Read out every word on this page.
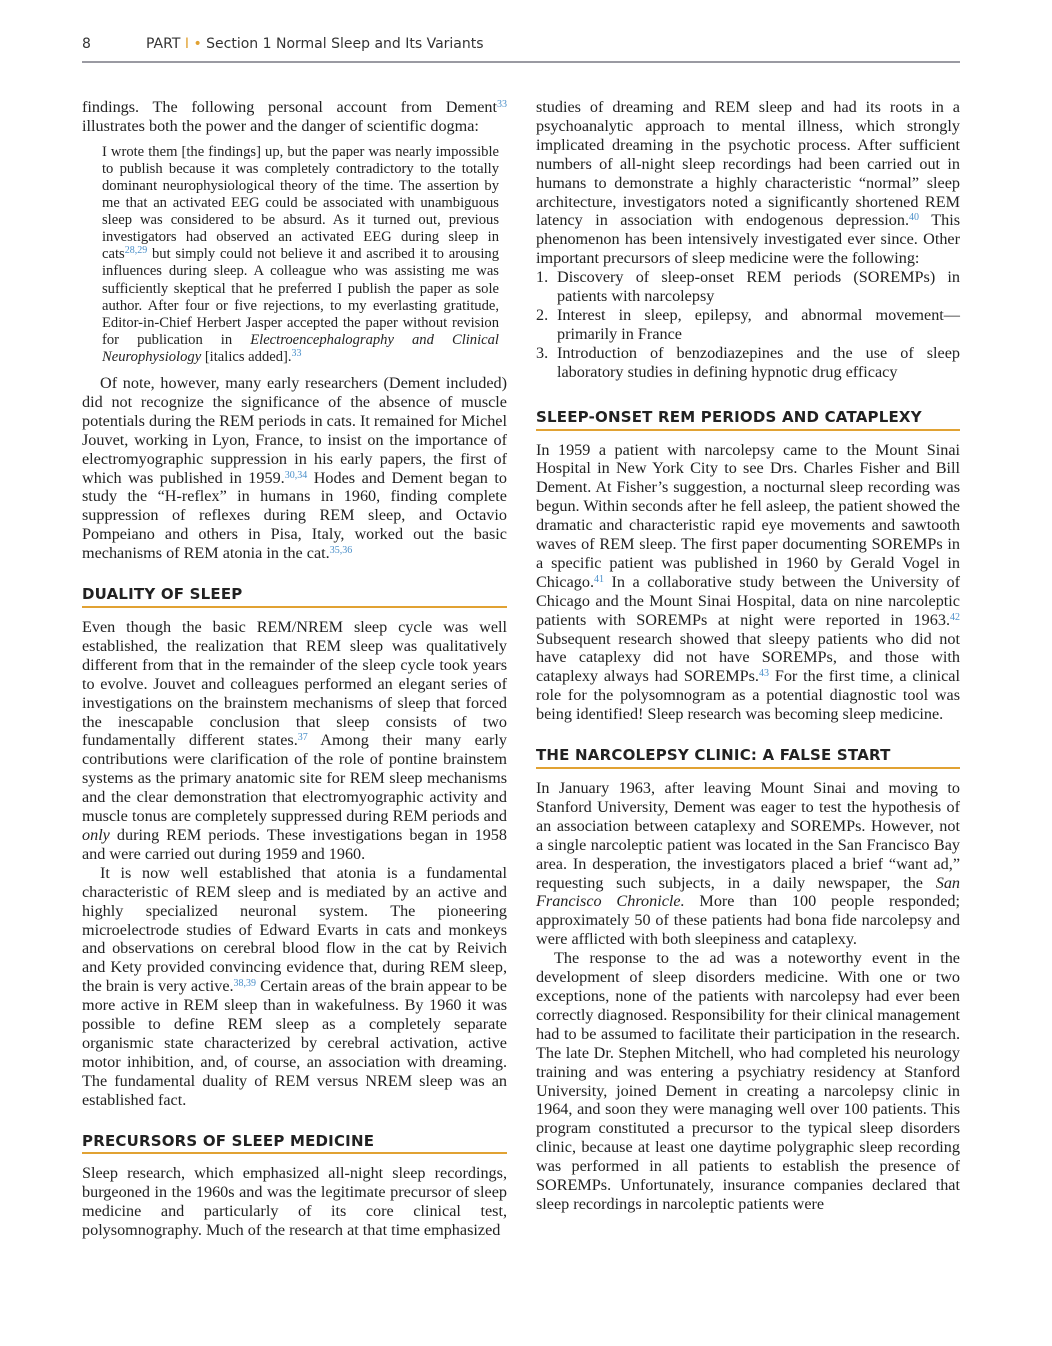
8	PART I • Section 1 Normal Sleep and Its Variants

findings. The following personal account from Dement$^{33}$ illustrates both the power and the danger of scientific dogma:

I wrote them [the findings] up, but the paper was nearly impossible to publish because it was completely contradictory to the totally dominant neurophysiological theory of the time. The assertion by me that an activated EEG could be associated with unambiguous sleep was considered to be absurd. As it turned out, previous investigators had observed an activated EEG during sleep in cats$^{28,29}$ but simply could not believe it and ascribed it to arousing influences during sleep. A colleague who was assisting me was sufficiently skeptical that he preferred I publish the paper as sole author. After four or five rejections, to my everlasting gratitude, Editor-in-Chief Herbert Jasper accepted the paper without revision for publication in Electroencephalography and Clinical Neurophysiology [italics added].$^{33}$

Of note, however, many early researchers (Dement included) did not recognize the significance of the absence of muscle potentials during the REM periods in cats. It remained for Michel Jouvet, working in Lyon, France, to insist on the importance of electromyographic suppression in his early papers, the first of which was published in 1959.$^{30,34}$ Hodes and Dement began to study the “H-reflex” in humans in 1960, finding complete suppression of reflexes during REM sleep, and Octavio Pompeiano and others in Pisa, Italy, worked out the basic mechanisms of REM atonia in the cat.$^{35,36}$

DUALITY OF SLEEP

Even though the basic REM/NREM sleep cycle was well established, the realization that REM sleep was qualitatively different from that in the remainder of the sleep cycle took years to evolve. Jouvet and colleagues performed an elegant series of investigations on the brainstem mechanisms of sleep that forced the inescapable conclusion that sleep consists of two fundamentally different states.$^{37}$ Among their many early contributions were clarification of the role of pontine brainstem systems as the primary anatomic site for REM sleep mechanisms and the clear demonstration that electromyographic activity and muscle tonus are completely suppressed during REM periods and only during REM periods. These investigations began in 1958 and were carried out during 1959 and 1960.

It is now well established that atonia is a fundamental characteristic of REM sleep and is mediated by an active and highly specialized neuronal system. The pioneering microelectrode studies of Edward Evarts in cats and monkeys and observations on cerebral blood flow in the cat by Reivich and Kety provided convincing evidence that, during REM sleep, the brain is very active.$^{38,39}$ Certain areas of the brain appear to be more active in REM sleep than in wakefulness. By 1960 it was possible to define REM sleep as a completely separate organismic state characterized by cerebral activation, active motor inhibition, and, of course, an association with dreaming. The fundamental duality of REM versus NREM sleep was an established fact.

PRECURSORS OF SLEEP MEDICINE

Sleep research, which emphasized all-night sleep recordings, burgeoned in the 1960s and was the legitimate precursor of sleep medicine and particularly of its core clinical test, polysomnography. Much of the research at that time emphasized

studies of dreaming and REM sleep and had its roots in a psychoanalytic approach to mental illness, which strongly implicated dreaming in the psychotic process. After sufficient numbers of all-night sleep recordings had been carried out in humans to demonstrate a highly characteristic “normal” sleep architecture, investigators noted a significantly shortened REM latency in association with endogenous depression.$^{40}$ This phenomenon has been intensively investigated ever since. Other important precursors of sleep medicine were the following:

1. Discovery of sleep-onset REM periods (SOREMPs) in patients with narcolepsy
2. Interest in sleep, epilepsy, and abnormal movement—primarily in France
3. Introduction of benzodiazepines and the use of sleep laboratory studies in defining hypnotic drug efficacy
SLEEP-ONSET REM PERIODS AND CATAPLEXY

In 1959 a patient with narcolepsy came to the Mount Sinai Hospital in New York City to see Drs. Charles Fisher and Bill Dement. At Fisher’s suggestion, a nocturnal sleep recording was begun. Within seconds after he fell asleep, the patient showed the dramatic and characteristic rapid eye movements and sawtooth waves of REM sleep. The first paper documenting SOREMPs in a specific patient was published in 1960 by Gerald Vogel in Chicago.$^{41}$ In a collaborative study between the University of Chicago and the Mount Sinai Hospital, data on nine narcoleptic patients with SOREMPs at night were reported in 1963.42 Subsequent research showed that sleepy patients who did not have cataplexy did not have SOREMPs, and those with cataplexy always had SOREMPs.$^{43}$ For the first time, a clinical role for the polysomnogram as a potential diagnostic tool was being identified! Sleep research was becoming sleep medicine.

THE NARCOLEPSY CLINIC: A FALSE START

In January 1963, after leaving Mount Sinai and moving to Stanford University, Dement was eager to test the hypothesis of an association between cataplexy and SOREMPs. However, not a single narcoleptic patient was located in the San Francisco Bay area. In desperation, the investigators placed a brief “want ad,” requesting such subjects, in a daily newspaper, the San Francisco Chronicle. More than 100 people responded; approximately 50 of these patients had bona fide narcolepsy and were afflicted with both sleepiness and cataplexy.

The response to the ad was a noteworthy event in the development of sleep disorders medicine. With one or two exceptions, none of the patients with narcolepsy had ever been correctly diagnosed. Responsibility for their clinical management had to be assumed to facilitate their participation in the research. The late Dr. Stephen Mitchell, who had completed his neurology training and was entering a psychiatry residency at Stanford University, joined Dement in creating a narcolepsy clinic in 1964, and soon they were managing well over 100 patients. This program constituted a precursor to the typical sleep disorders clinic, because at least one daytime polygraphic sleep recording was performed in all patients to establish the presence of SOREMPs. Unfortunately, insurance companies declared that sleep recordings in narcoleptic patients were
